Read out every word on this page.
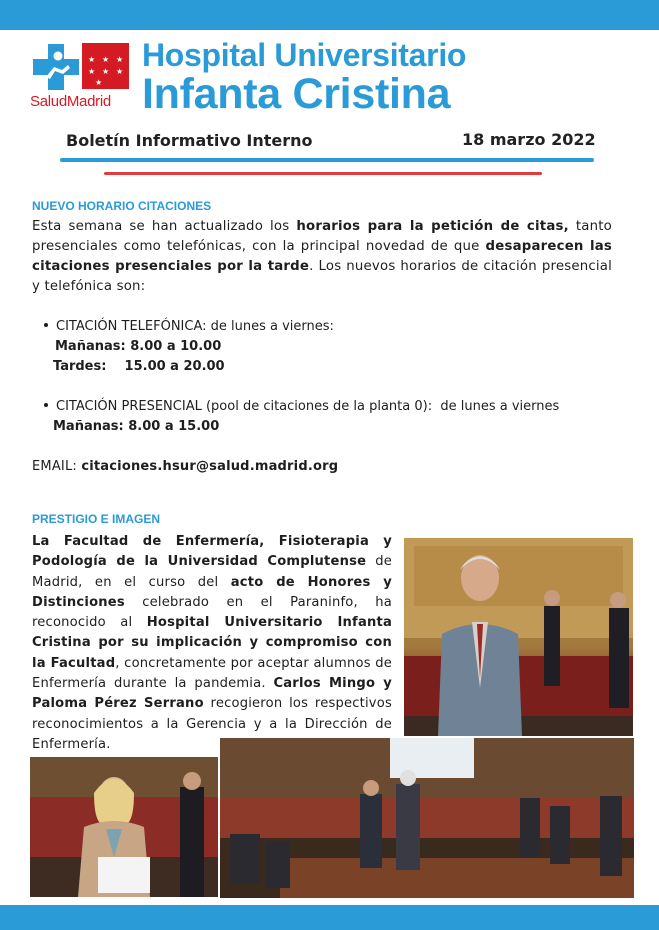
★ ★ ★
★ ★ ★
★
SaludMadrid
Hospital Universitario
Infanta Cristina
Boletín Informativo Interno	18 marzo 2022
NUEVO HORARIO CITACIONES
Esta semana se han actualizado los horarios para la petición de citas, tanto presenciales como telefónicas, con la principal novedad de que desaparecen las citaciones presenciales por la tarde. Los nuevos horarios de citación presencial y telefónica son:
CITACIÓN TELEFÓNICA: de lunes a viernes:
Mañanas: 8.00 a 10.00
Tardes:    15.00 a 20.00
CITACIÓN PRESENCIAL (pool de citaciones de la planta 0):  de lunes a viernes
Mañanas: 8.00 a 15.00
EMAIL: citaciones.hsur@salud.madrid.org
PRESTIGIO E IMAGEN
La Facultad de Enfermería, Fisioterapia y Podología de la Universidad Complutense de Madrid, en el curso del acto de Honores y Distinciones celebrado en el Paraninfo, ha reconocido al Hospital Universitario Infanta Cristina por su implicación y compromiso con la Facultad, concretamente por aceptar alumnos de Enfermería durante la pandemia. Carlos Mingo y Paloma Pérez Serrano recogieron los respectivos reconocimientos a la Gerencia y a la Dirección de Enfermería.
